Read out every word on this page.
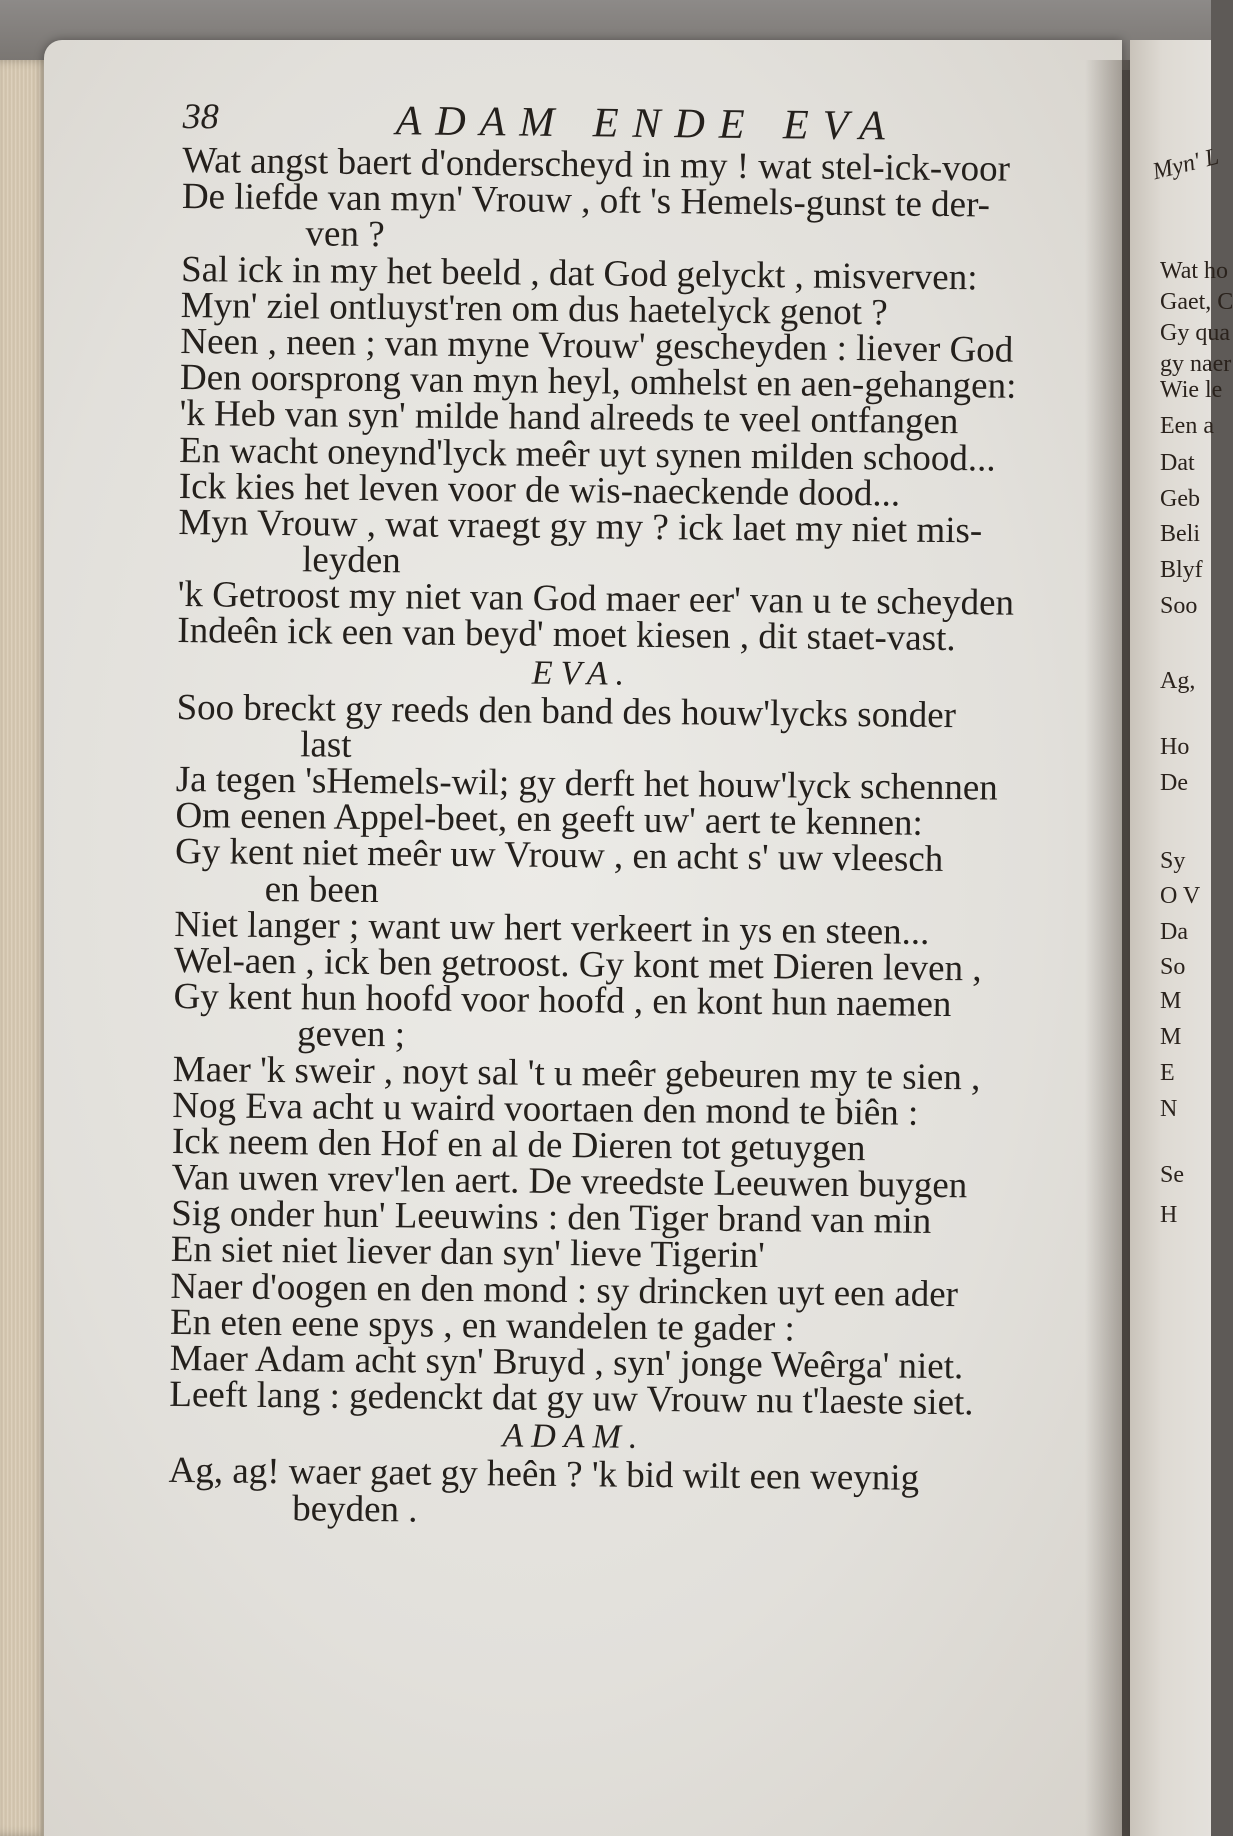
Myn' L
Wat ho
Gaet, C
Gy qua
gy naer
Wie le
Een a
Dat
Geb
Beli
Blyf
Soo
Ag,
Ho
De
Sy
O V
Da
So
M
M
E
N
Se
H
38	ADAM ENDE EVA
Wat angst baert d'onderscheyd in my ! wat stel-ick-voor
De liefde van myn' Vrouw , oft 's Hemels-gunst te der-
ven ?
Sal ick in my het beeld , dat God gelyckt , misverven:
Myn' ziel ontluyst'ren om dus haetelyck genot ?
Neen , neen ; van myne Vrouw' gescheyden : liever God
Den oorsprong van myn heyl, omhelst en aen-gehangen:
'k Heb van syn' milde hand alreeds te veel ontfangen
En wacht oneynd'lyck meêr uyt synen milden schood...
Ick kies het leven voor de wis-naeckende dood...
Myn Vrouw , wat vraegt gy my ? ick laet my niet mis-
leyden
'k Getroost my niet van God maer eer' van u te scheyden
Indeên ick een van beyd' moet kiesen , dit staet-vast.
EVA.
Soo breckt gy reeds den band des houw'lycks sonder
last
Ja tegen 'sHemels-wil; gy derft het houw'lyck schennen
Om eenen Appel-beet, en geeft uw' aert te kennen:
Gy kent niet meêr uw Vrouw , en acht s' uw vleesch
en been
Niet langer ; want uw hert verkeert in ys en steen...
Wel-aen , ick ben getroost. Gy kont met Dieren leven ,
Gy kent hun hoofd voor hoofd , en kont hun naemen
geven ;
Maer 'k sweir , noyt sal 't u meêr gebeuren my te sien ,
Nog Eva acht u waird voortaen den mond te biên :
Ick neem den Hof en al de Dieren tot getuygen
Van uwen vrev'len aert. De vreedste Leeuwen buygen
Sig onder hun' Leeuwins : den Tiger brand van min
En siet niet liever dan syn' lieve Tigerin'
Naer d'oogen en den mond : sy drincken uyt een ader
En eten eene spys , en wandelen te gader :
Maer Adam acht syn' Bruyd , syn' jonge Weêrga' niet.
Leeft lang : gedenckt dat gy uw Vrouw nu t'laeste siet.
ADAM.
Ag, ag! waer gaet gy heên ? 'k bid wilt een weynig
beyden .
